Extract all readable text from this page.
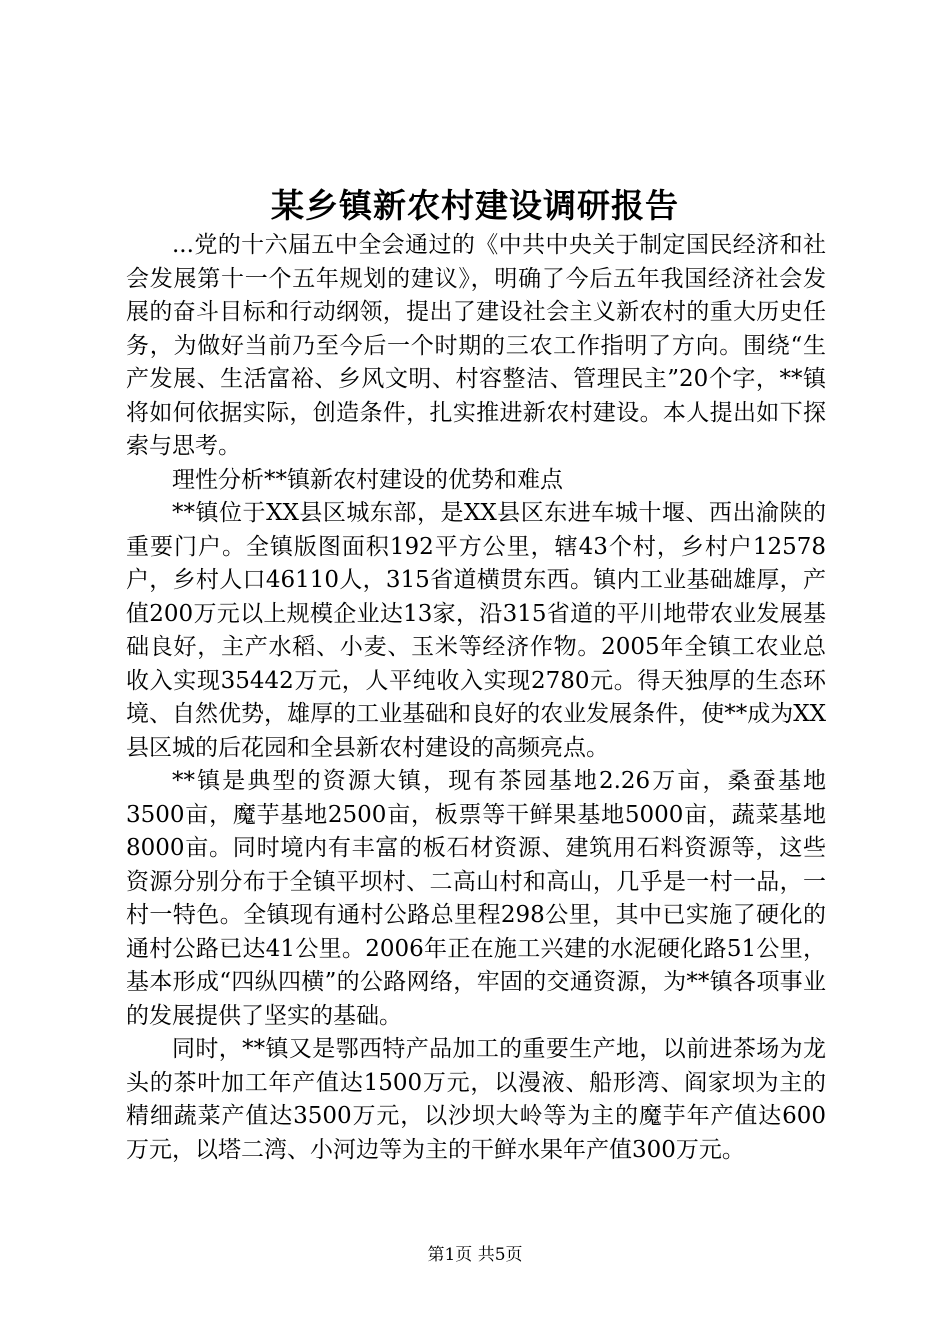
某乡镇新农村建设调研报告

...党的十六届五中全会通过的《中共中央关于制定国民经济和社会发展第十一个五年规划的建议》，明确了今后五年我国经济社会发展的奋斗目标和行动纲领，提出了建设社会主义新农村的重大历史任务，为做好当前乃至今后一个时期的三农工作指明了方向。围绕“生产发展、生活富裕、乡风文明、村容整洁、管理民主”20个字，**镇将如何依据实际，创造条件，扎实推进新农村建设。本人提出如下探索与思考。

理性分析**镇新农村建设的优势和难点

**镇位于XX县区城东部，是XX县区东进车城十堰、西出渝陕的重要门户。全镇版图面积192平方公里，辖43个村，乡村户12578户，乡村人口46110人，315省道横贯东西。镇内工业基础雄厚，产值200万元以上规模企业达13家，沿315省道的平川地带农业发展基础良好，主产水稻、小麦、玉米等经济作物。2005年全镇工农业总收入实现35442万元，人平纯收入实现2780元。得天独厚的生态环境、自然优势，雄厚的工业基础和良好的农业发展条件，使**成为XX县区城的后花园和全县新农村建设的高频亮点。

**镇是典型的资源大镇，现有茶园基地2.26万亩，桑蚕基地3500亩，魔芋基地2500亩，板票等干鲜果基地5000亩，蔬菜基地8000亩。同时境内有丰富的板石材资源、建筑用石料资源等，这些资源分别分布于全镇平坝村、二高山村和高山，几乎是一村一品，一村一特色。全镇现有通村公路总里程298公里，其中已实施了硬化的通村公路已达41公里。2006年正在施工兴建的水泥硬化路51公里，基本形成“四纵四横”的公路网络，牢固的交通资源，为**镇各项事业的发展提供了坚实的基础。

同时，**镇又是鄂西特产品加工的重要生产地，以前进茶场为龙头的茶叶加工年产值达1500万元，以漫液、船形湾、阎家坝为主的精细蔬菜产值达3500万元，以沙坝大岭等为主的魔芋年产值达600万元，以塔二湾、小河边等为主的干鲜水果年产值300万元。

第1页 共5页
